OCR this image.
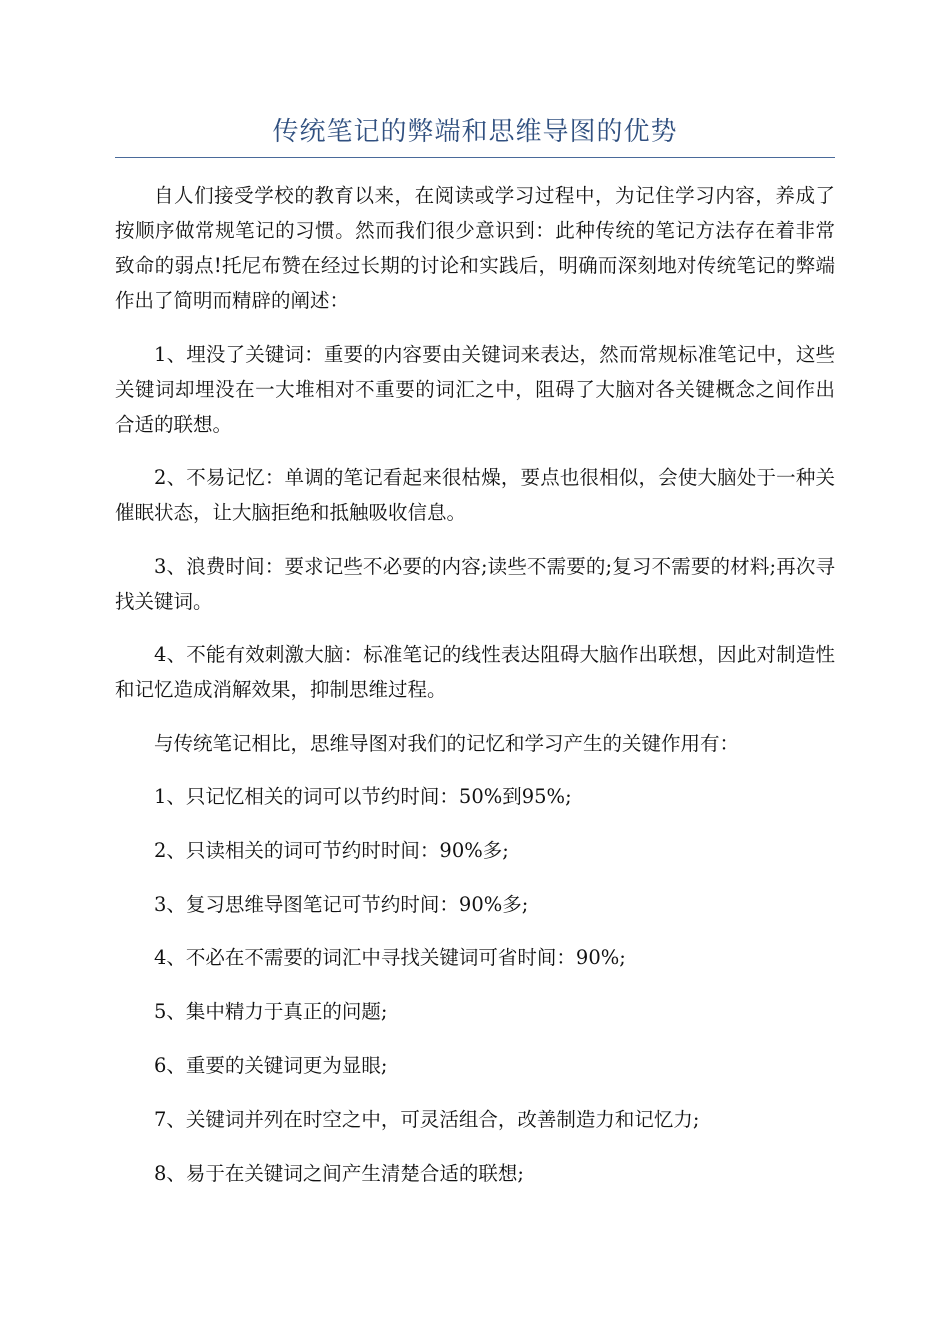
传统笔记的弊端和思维导图的优势

自人们接受学校的教育以来，在阅读或学习过程中，为记住学习内容，养成了按顺序做常规笔记的习惯。然而我们很少意识到：此种传统的笔记方法存在着非常致命的弱点!托尼布赞在经过长期的讨论和实践后，明确而深刻地对传统笔记的弊端作出了简明而精辟的阐述：

1、埋没了关键词：重要的内容要由关键词来表达，然而常规标准笔记中，这些关键词却埋没在一大堆相对不重要的词汇之中，阻碍了大脑对各关键概念之间作出合适的联想。

2、不易记忆：单调的笔记看起来很枯燥，要点也很相似，会使大脑处于一种关催眠状态，让大脑拒绝和抵触吸收信息。

3、浪费时间：要求记些不必要的内容;读些不需要的;复习不需要的材料;再次寻找关键词。

4、不能有效刺激大脑：标准笔记的线性表达阻碍大脑作出联想，因此对制造性和记忆造成消解效果，抑制思维过程。

与传统笔记相比，思维导图对我们的记忆和学习产生的关键作用有：

1、只记忆相关的词可以节约时间：50%到95%;

2、只读相关的词可节约时时间：90%多;

3、复习思维导图笔记可节约时间：90%多;

4、不必在不需要的词汇中寻找关键词可省时间：90%;

5、集中精力于真正的问题;

6、重要的关键词更为显眼;

7、关键词并列在时空之中，可灵活组合，改善制造力和记忆力;

8、易于在关键词之间产生清楚合适的联想;
